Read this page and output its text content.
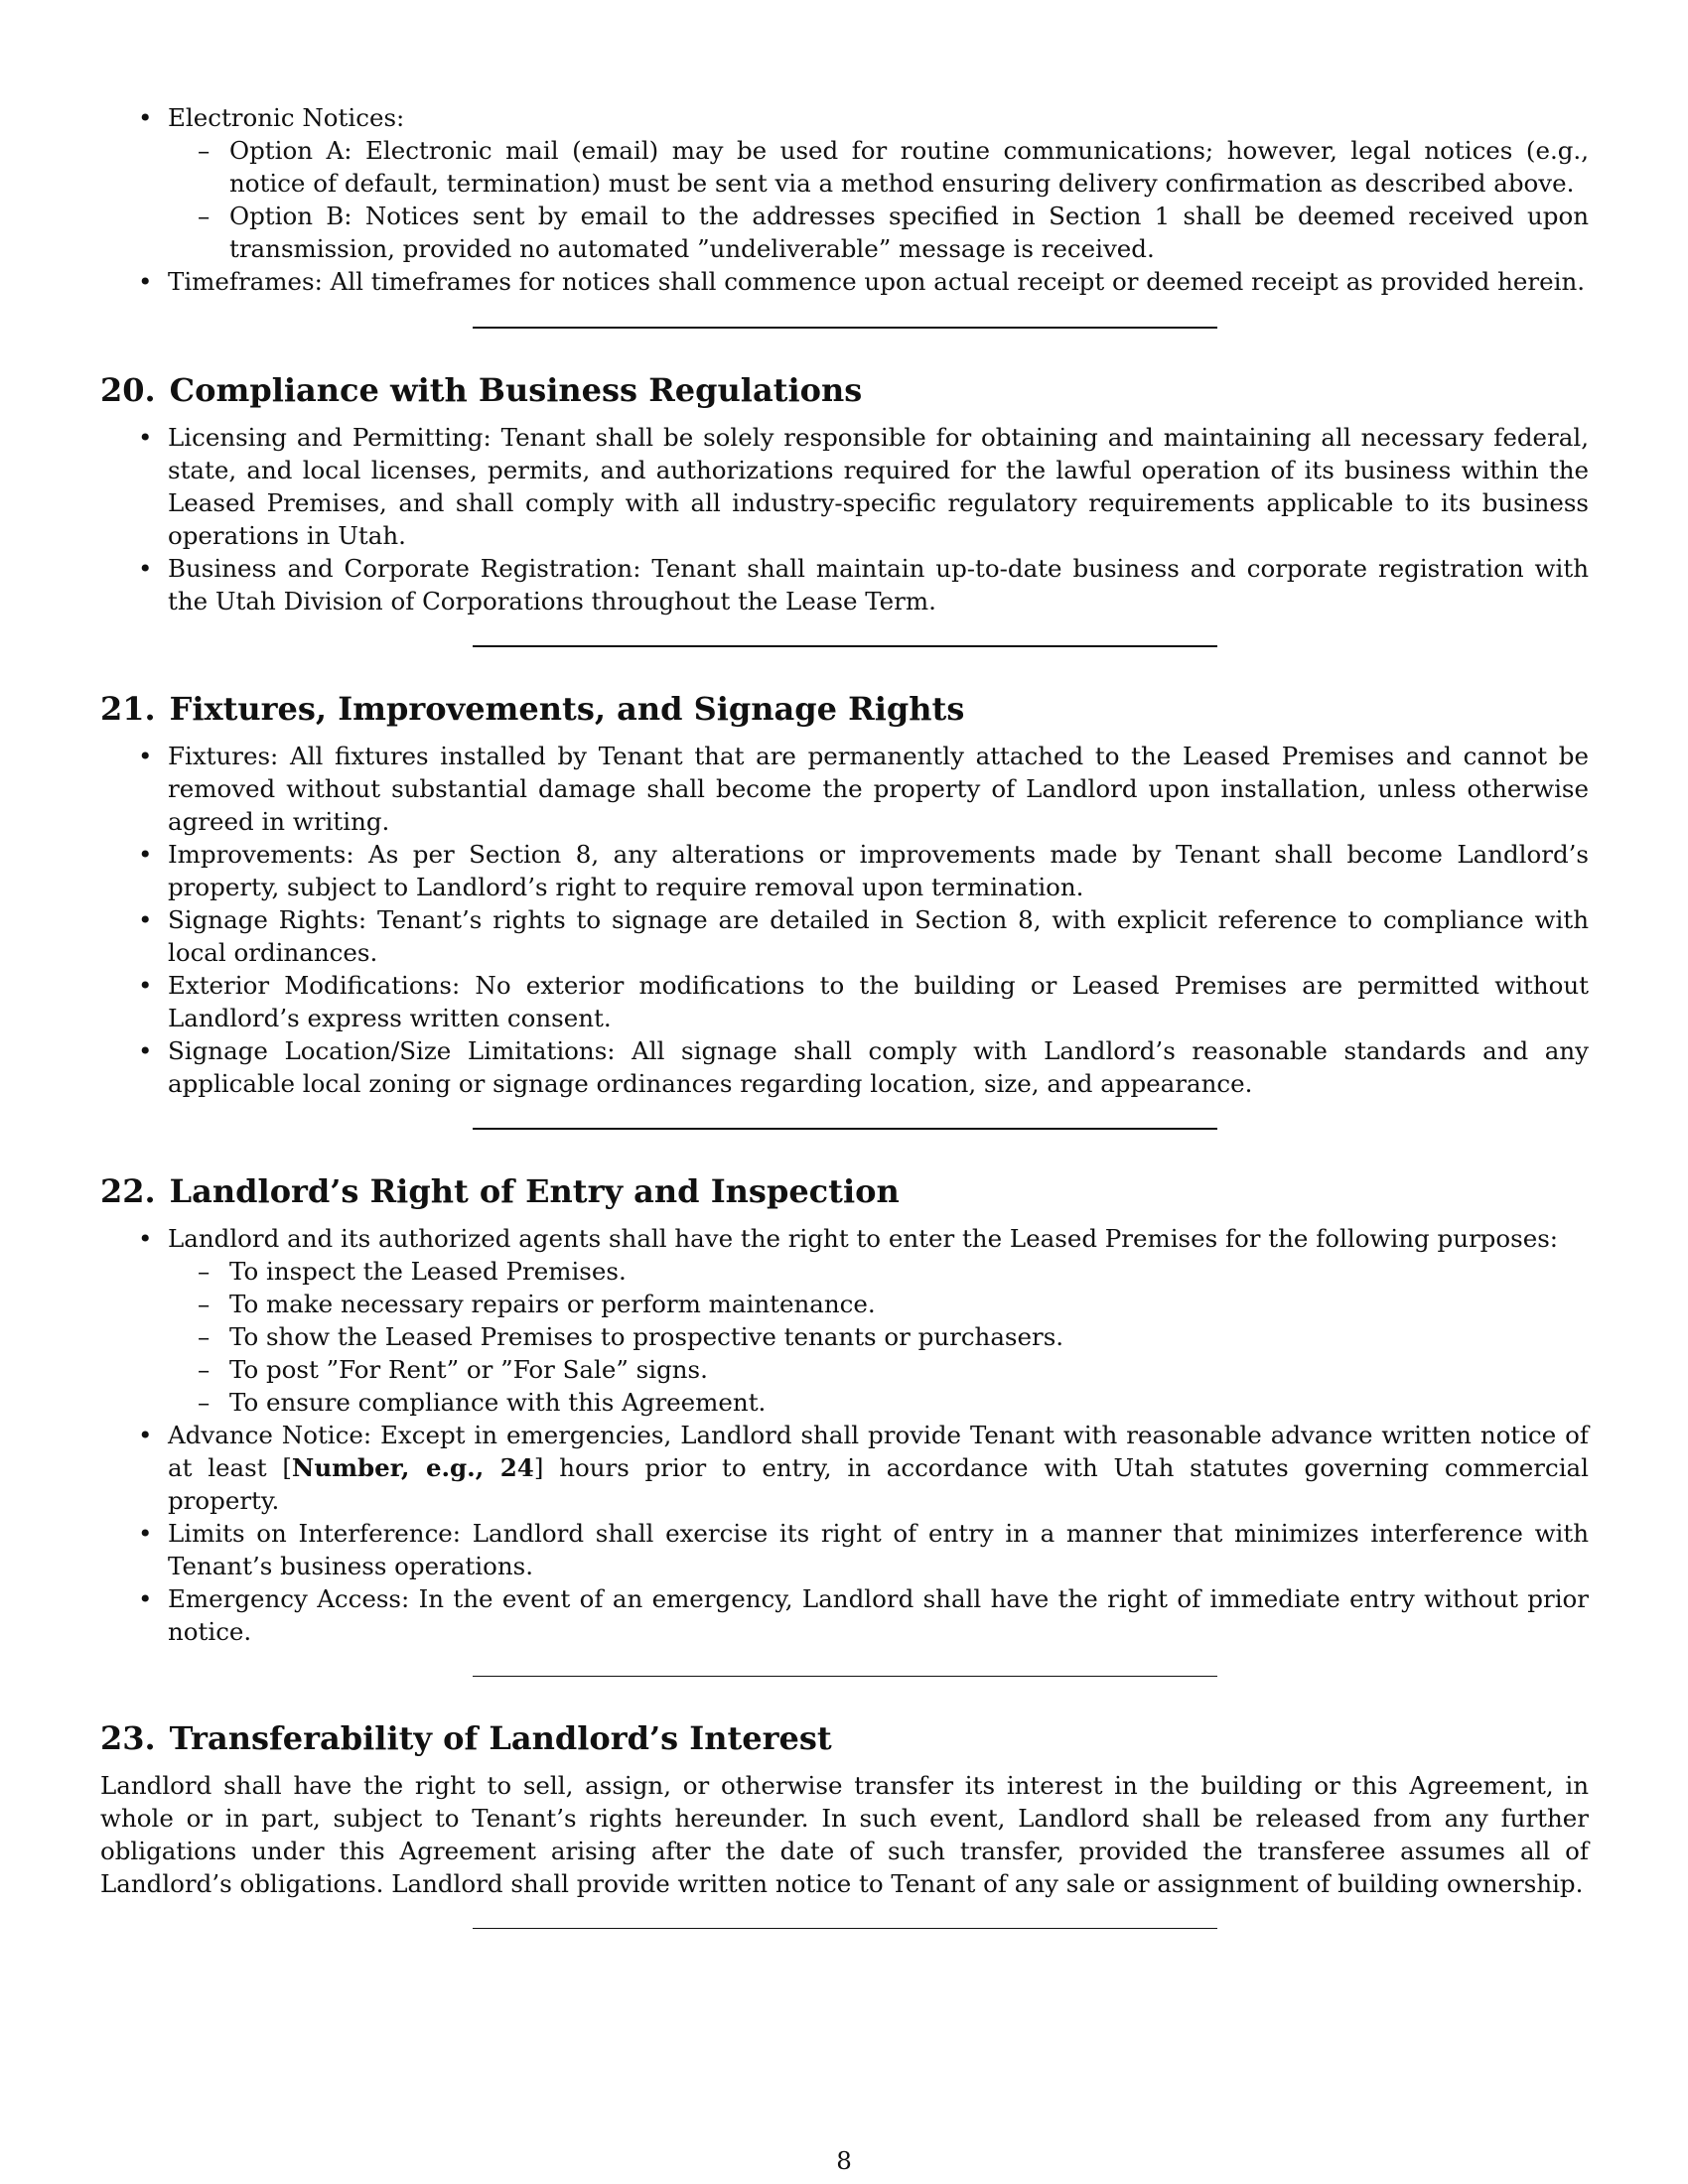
• Electronic Notices:
– Option A: Electronic mail (email) may be used for routine communications; however, legal notices (e.g., notice of default, termination) must be sent via a method ensuring delivery confirmation as described above.
– Option B: Notices sent by email to the addresses specified in Section 1 shall be deemed received upon transmission, provided no automated ”undeliverable” message is received.
• Timeframes: All timeframes for notices shall commence upon actual receipt or deemed receipt as provided herein.
20. Compliance with Business Regulations
• Licensing and Permitting: Tenant shall be solely responsible for obtaining and maintaining all necessary federal, state, and local licenses, permits, and authorizations required for the lawful operation of its business within the Leased Premises, and shall comply with all industry-specific regulatory requirements applicable to its business operations in Utah.
• Business and Corporate Registration: Tenant shall maintain up-to-date business and corporate registration with the Utah Division of Corporations throughout the Lease Term.
21. Fixtures, Improvements, and Signage Rights
• Fixtures: All fixtures installed by Tenant that are permanently attached to the Leased Premises and cannot be removed without substantial damage shall become the property of Landlord upon installation, unless otherwise agreed in writing.
• Improvements: As per Section 8, any alterations or improvements made by Tenant shall become Landlord’s property, subject to Landlord’s right to require removal upon termination.
• Signage Rights: Tenant’s rights to signage are detailed in Section 8, with explicit reference to compliance with local ordinances.
• Exterior Modifications: No exterior modifications to the building or Leased Premises are permitted without Landlord’s express written consent.
• Signage Location/Size Limitations: All signage shall comply with Landlord’s reasonable standards and any applicable local zoning or signage ordinances regarding location, size, and appearance.
22. Landlord’s Right of Entry and Inspection
• Landlord and its authorized agents shall have the right to enter the Leased Premises for the following purposes:
– To inspect the Leased Premises.
– To make necessary repairs or perform maintenance.
– To show the Leased Premises to prospective tenants or purchasers.
– To post ”For Rent” or ”For Sale” signs.
– To ensure compliance with this Agreement.
• Advance Notice: Except in emergencies, Landlord shall provide Tenant with reasonable advance written notice of at least [Number, e.g., 24] hours prior to entry, in accordance with Utah statutes governing commercial property.
• Limits on Interference: Landlord shall exercise its right of entry in a manner that minimizes interference with Tenant’s business operations.
• Emergency Access: In the event of an emergency, Landlord shall have the right of immediate entry without prior notice.
23. Transferability of Landlord’s Interest

Landlord shall have the right to sell, assign, or otherwise transfer its interest in the building or this Agreement, in whole or in part, subject to Tenant’s rights hereunder. In such event, Landlord shall be released from any further obligations under this Agreement arising after the date of such transfer, provided the transferee assumes all of Landlord’s obligations. Landlord shall provide written notice to Tenant of any sale or assignment of building ownership.

8
